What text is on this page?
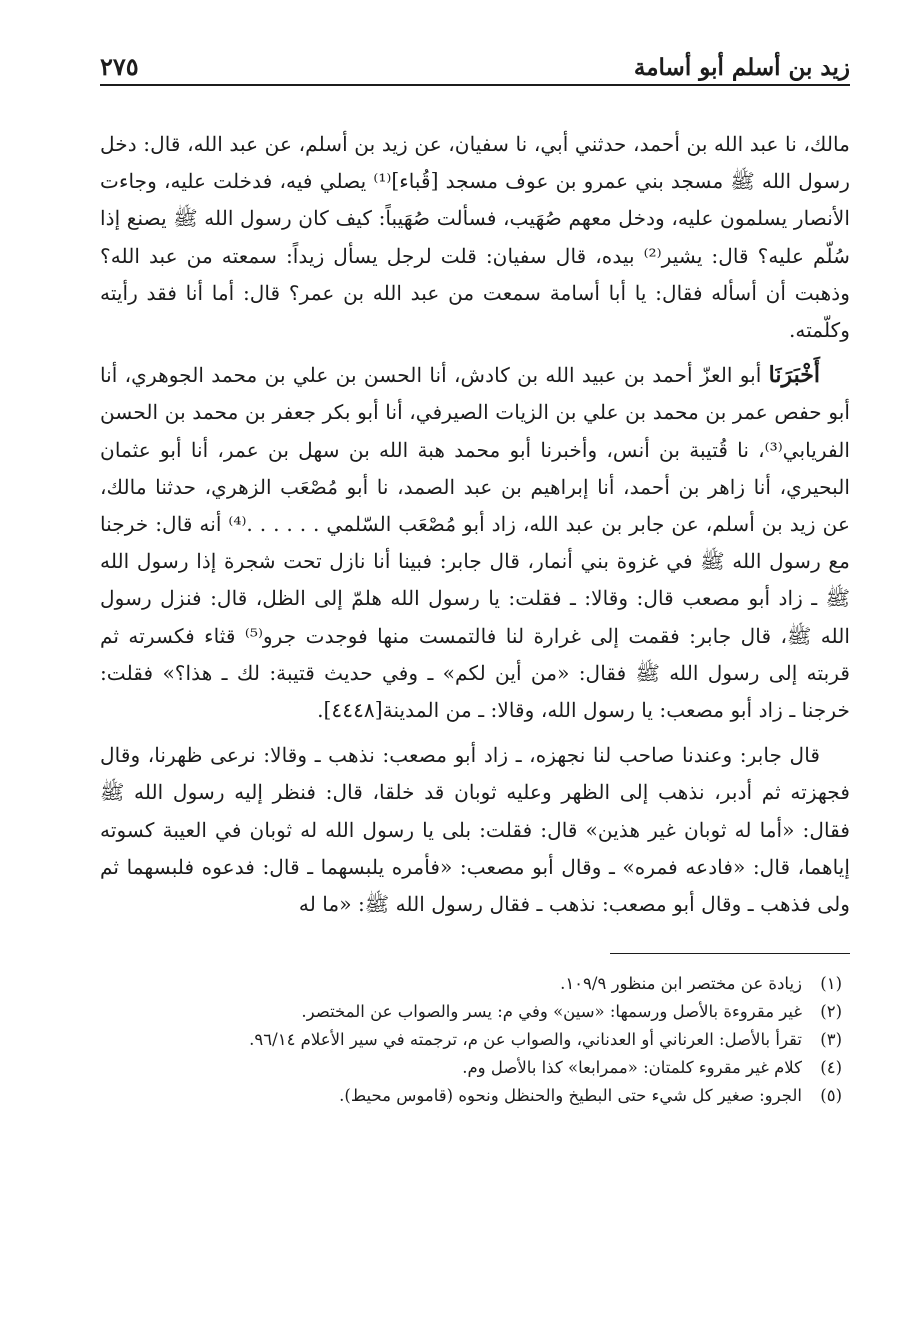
زيد بن أسلم أبو أسامة
٢٧٥

مالك، نا عبد الله بن أحمد، حدثني أبي، نا سفيان، عن زيد بن أسلم، عن عبد الله، قال: دخل رسول الله ﷺ مسجد بني عمرو بن عوف مسجد [قُباء]⁽¹⁾ يصلي فيه، فدخلت عليه، وجاءت الأنصار يسلمون عليه، ودخل معهم صُهَيب، فسألت صُهَيباً: كيف كان رسول الله ﷺ يصنع إذا سُلّم عليه؟ قال: يشير⁽²⁾ بيده، قال سفيان: قلت لرجل يسأل زيداً: سمعته من عبد الله؟ وذهبت أن أسأله فقال: يا أبا أسامة سمعت من عبد الله بن عمر؟ قال: أما أنا فقد رأيته وكلّمته.

أَخْبَرَنَا أبو العزّ أحمد بن عبيد الله بن كادش، أنا الحسن بن علي بن محمد الجوهري، أنا أبو حفص عمر بن محمد بن علي بن الزيات الصيرفي، أنا أبو بكر جعفر بن محمد بن الحسن الفريابي⁽³⁾، نا قُتيبة بن أنس، وأخبرنا أبو محمد هبة الله بن سهل بن عمر، أنا أبو عثمان البحيري، أنا زاهر بن أحمد، أنا إبراهيم بن عبد الصمد، نا أبو مُصْعَب الزهري، حدثنا مالك، عن زيد بن أسلم، عن جابر بن عبد الله، زاد أبو مُصْعَب السّلمي . . . . . .⁽⁴⁾ أنه قال: خرجنا مع رسول الله ﷺ في غزوة بني أنمار، قال جابر: فبينا أنا نازل تحت شجرة إذا رسول الله ﷺ ـ زاد أبو مصعب قال: وقالا: ـ فقلت: يا رسول الله هلمّ إلى الظل، قال: فنزل رسول الله ﷺ، قال جابر: فقمت إلى غرارة لنا فالتمست منها فوجدت جرو⁽⁵⁾ قثاء فكسرته ثم قربته إلى رسول الله ﷺ فقال: «من أين لكم» ـ وفي حديث قتيبة: لك ـ هذا؟» فقلت: خرجنا ـ زاد أبو مصعب: يا رسول الله، وقالا: ـ من المدينة[٤٤٤٨].

قال جابر: وعندنا صاحب لنا نجهزه، ـ زاد أبو مصعب: نذهب ـ وقالا: نرعى ظهرنا، وقال فجهزته ثم أدبر، نذهب إلى الظهر وعليه ثوبان قد خلقا، قال: فنظر إليه رسول الله ﷺ فقال: «أما له ثوبان غير هذين» قال: فقلت: بلى يا رسول الله له ثوبان في العيبة كسوته إياهما، قال: «فادعه فمره» ـ وقال أبو مصعب: «فأمره يلبسهما ـ قال: فدعوه فلبسهما ثم ولى فذهب ـ وقال أبو مصعب: نذهب ـ فقال رسول الله ﷺ: «ما له

(١)زيادة عن مختصر ابن منظور ١٠٩/٩.
(٢)غير مقروءة بالأصل ورسمها: «سين» وفي م: يسر والصواب عن المختصر.
(٣)تقرأ بالأصل: العرناني أو العدناني، والصواب عن م، ترجمته في سير الأعلام ٩٦/١٤.
(٤)كلام غير مقروء كلمتان: «ممرابعا» كذا بالأصل وم.
(٥)الجرو: صغير كل شيء حتى البطيخ والحنظل ونحوه (قاموس محيط).
